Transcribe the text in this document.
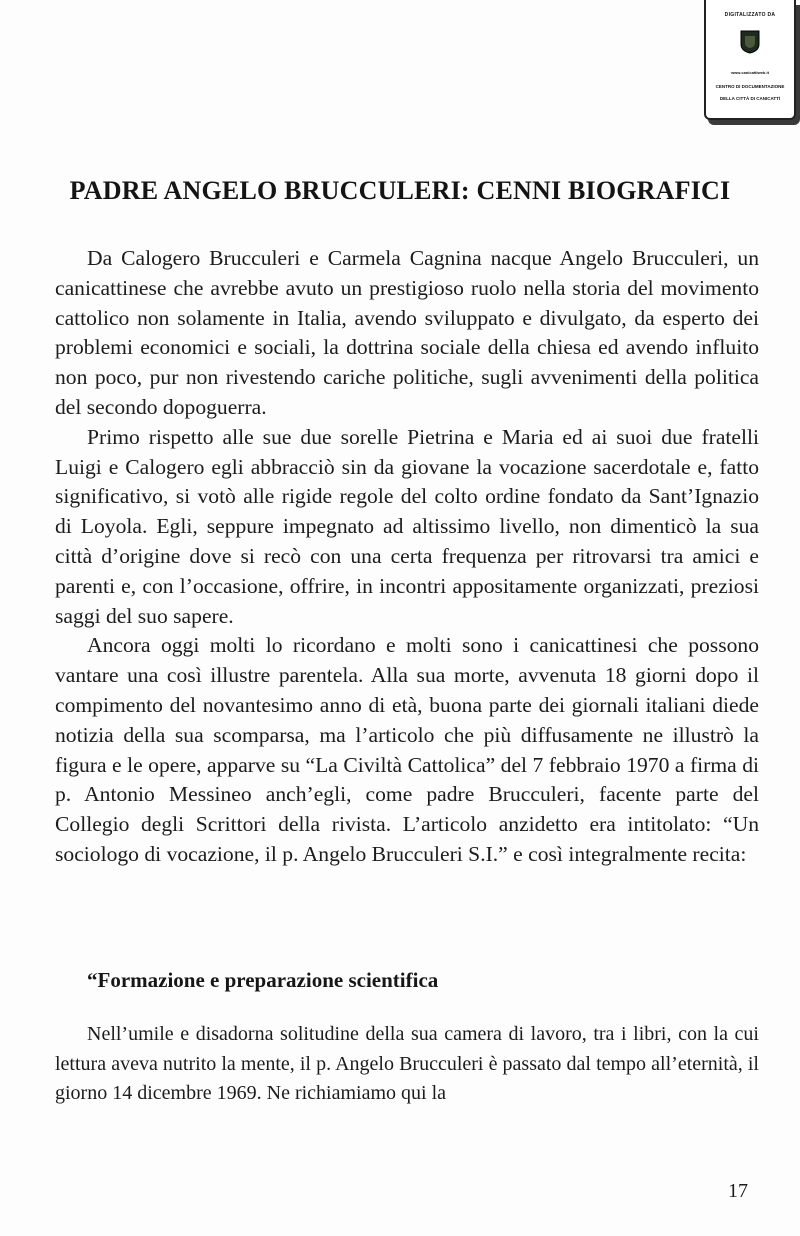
DIGITALIZZATO DA
www.canicattiweb.it
CENTRO DI DOCUMENTAZIONE
DELLA CITTÀ DI CANICATTÌ
PADRE ANGELO BRUCCULERI: CENNI BIOGRAFICI

Da Calogero Brucculeri e Carmela Cagnina nacque Angelo Brucculeri, un canicattinese che avrebbe avuto un prestigioso ruolo nella storia del movimento cattolico non solamente in Italia, avendo sviluppato e divulgato, da esperto dei problemi economici e sociali, la dottrina sociale della chiesa ed avendo influito non poco, pur non rivestendo cariche politiche, sugli avvenimenti della politica del secondo dopoguerra.

Primo rispetto alle sue due sorelle Pietrina e Maria ed ai suoi due fratelli Luigi e Calogero egli abbracciò sin da giovane la vocazione sacerdotale e, fatto significativo, si votò alle rigide regole del colto ordine fondato da Sant’Ignazio di Loyola. Egli, seppure impegnato ad altissimo livello, non dimenticò la sua città d’origine dove si recò con una certa frequenza per ritrovarsi tra amici e parenti e, con l’occasione, offrire, in incontri appositamente organizzati, preziosi saggi del suo sapere.

Ancora oggi molti lo ricordano e molti sono i canicattinesi che possono vantare una così illustre parentela. Alla sua morte, avvenuta 18 giorni dopo il compimento del novantesimo anno di età, buona parte dei giornali italiani diede notizia della sua scomparsa, ma l’articolo che più diffusamente ne illustrò la figura e le opere, apparve su “La Civiltà Cattolica” del 7 febbraio 1970 a firma di p. Antonio Messineo anch’egli, come padre Brucculeri, facente parte del Collegio degli Scrittori della rivista. L’articolo anzidetto era intitolato: “Un sociologo di vocazione, il p. Angelo Brucculeri S.I.” e così integralmente recita:

“Formazione e preparazione scientifica

Nell’umile e disadorna solitudine della sua camera di lavoro, tra i libri, con la cui lettura aveva nutrito la mente, il p. Angelo Brucculeri è passato dal tempo all’eternità, il giorno 14 dicembre 1969. Ne richiamiamo qui la

17
